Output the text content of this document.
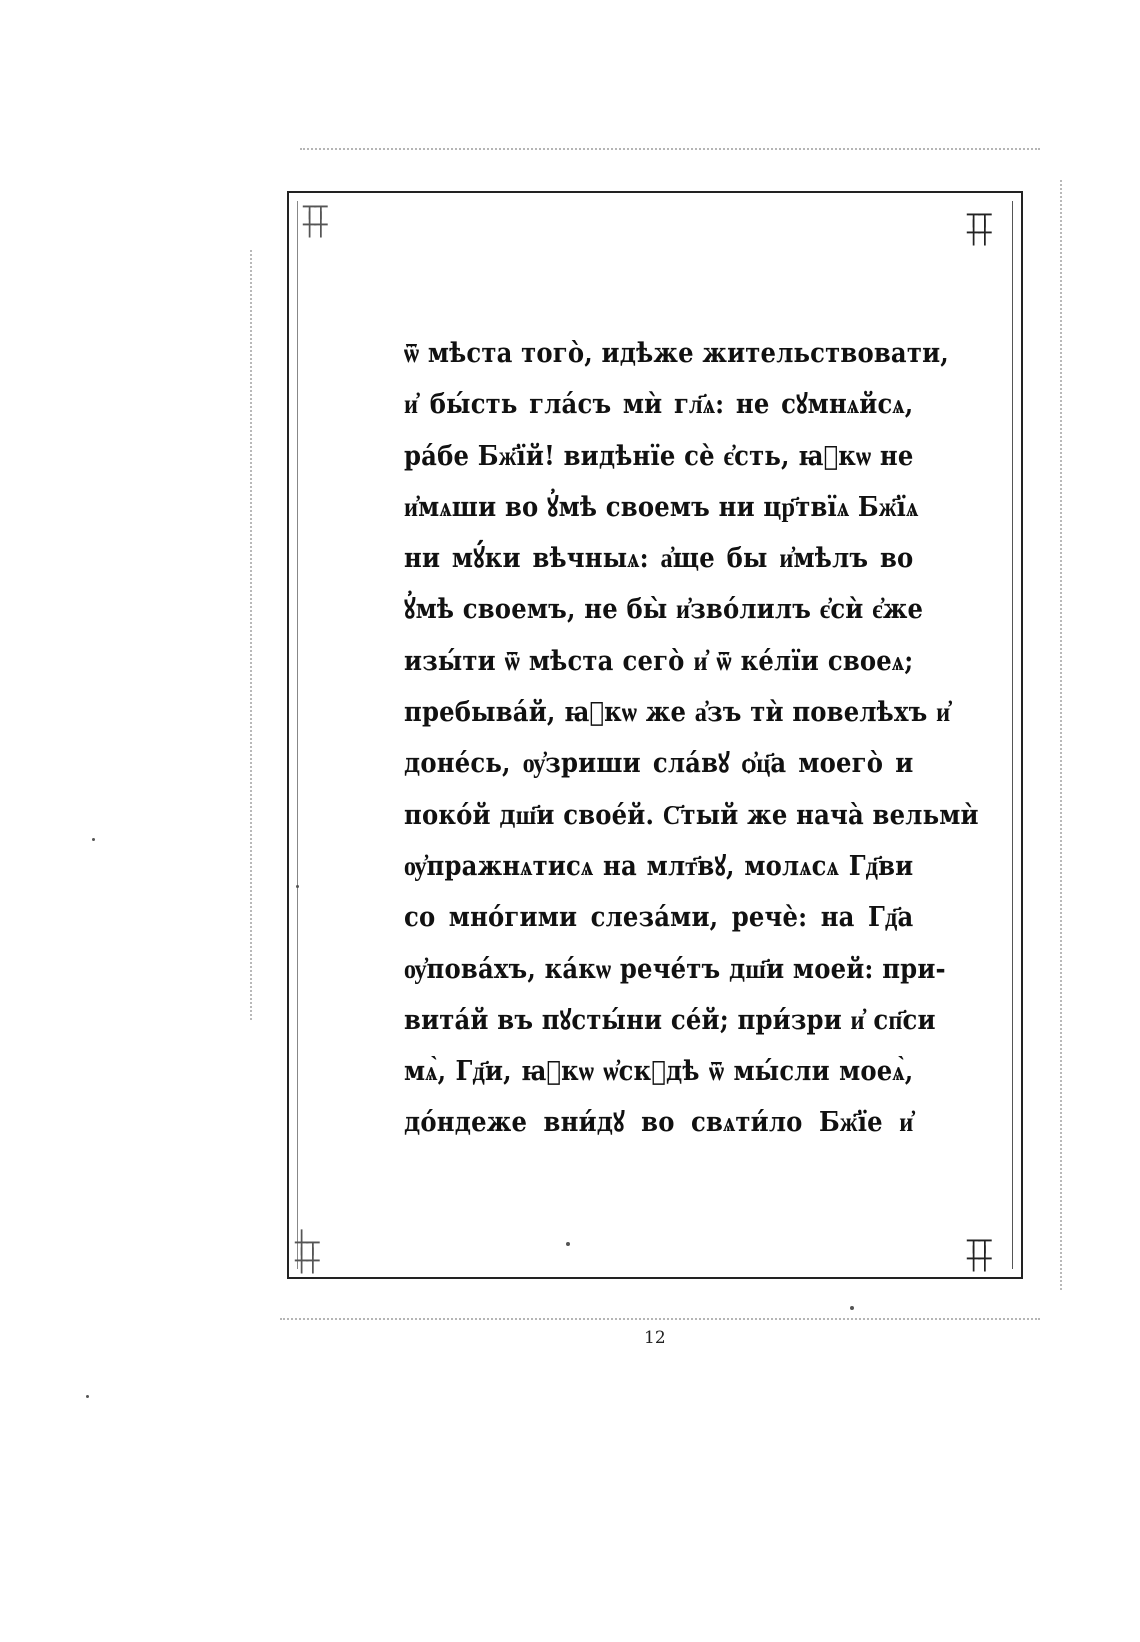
┬┬
┼┼	┬┬
┼┼
┼┬
┼┼
┬┬
┼┼
ѿ мѣста того̀, идѣже жительствовати,
и҆ бы́сть гла́съ мѝ гл҃ѧ: не сꙋмнѧйсѧ,
ра́бе Бж҃їй! видѣнїе сѐ є҆сть, ꙗ҆кѡ не
и҆мѧши во ꙋ҆мѣ своемъ ни цр҃твїѧ Бж҃їѧ
ни мꙋ́ки вѣчныѧ: а҆ще бы и҆мѣлъ во
ꙋ҆мѣ своемъ, не бы̀ и҆зво́лилъ є҆сѝ є҆же
изы́ти ѿ мѣста сего̀ и҆ ѿ ке́лїи своеѧ;
пребыва́й, ꙗ҆кѡ же а҆зъ тѝ повелѣхъ и҆
доне́сь, ѹ҆зриши сла́вꙋ ѻ҆ц҃а моего̀ и
поко́й дш҃и свое́й. С҃тый же нача̀ вельмѝ
ѹ҆пражнѧтисѧ на млт҃вꙋ, молѧсѧ Гд҃ви
со мно́гими слеза́ми, речѐ: на Гд҃а
ѹ҆пова́хъ, ка́кѡ рече́тъ дш҃и моей: при-
вита́й въ пꙋсты́ни се́й; при́зри и҆ сп҃си
мѧ̀, Гд҃и, ꙗ҆кѡ ѡ҆скꙋдѣ ѿ мы́сли моеѧ̀,
до́ндеже вни́дꙋ во свѧти́ло Бж҃їе и҆
12
